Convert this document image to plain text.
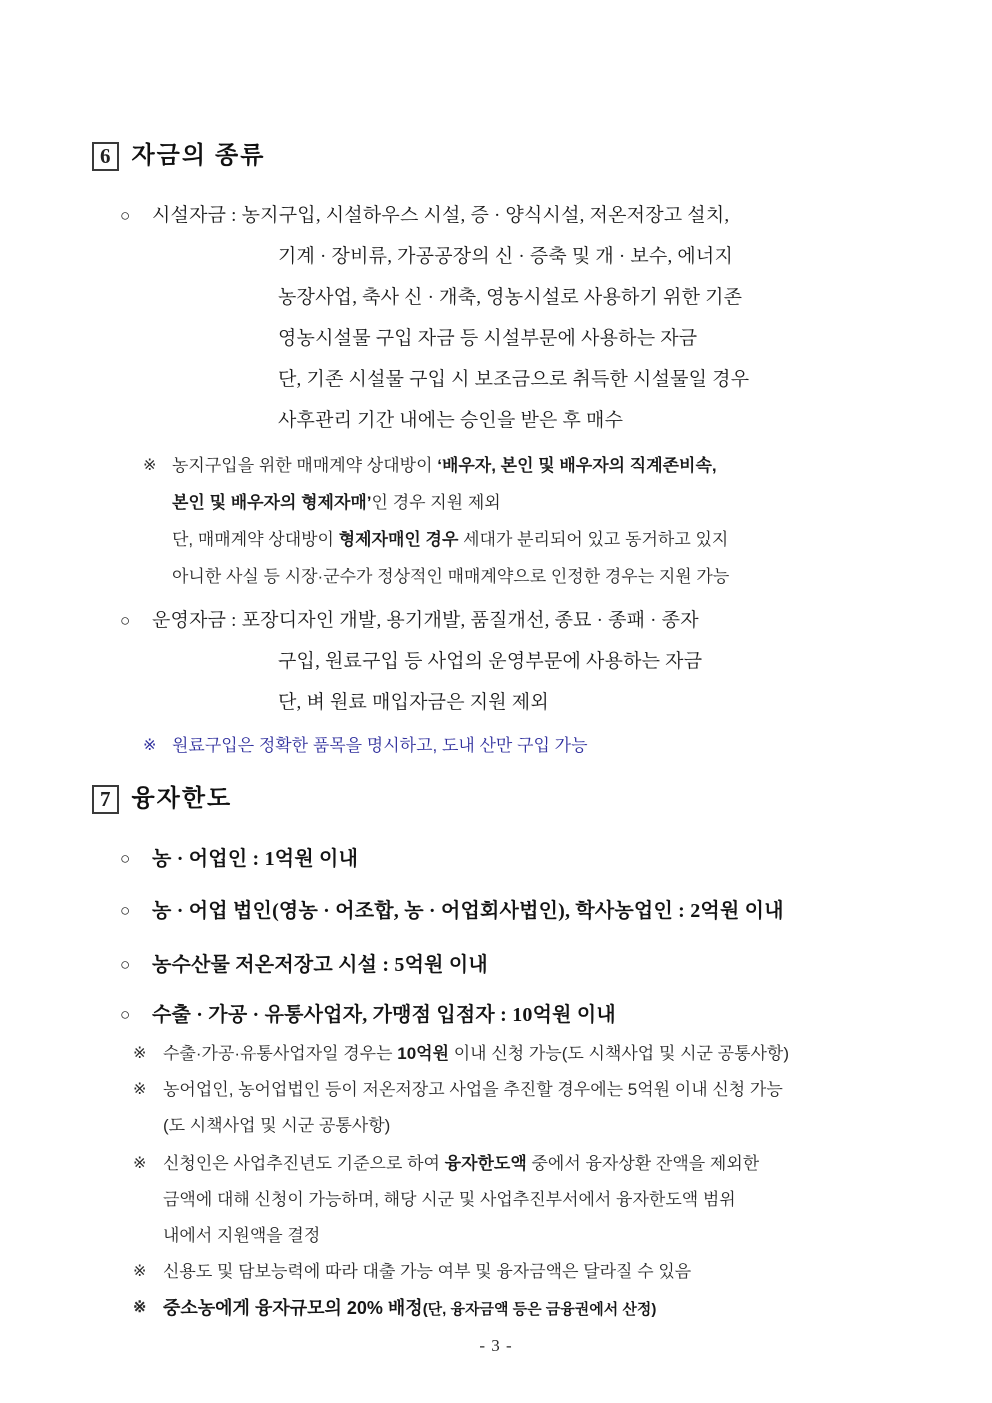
6 자금의 종류
○	시설자금 : 농지구입, 시설하우스 시설, 증 · 양식시설, 저온저장고 설치,
기계 · 장비류, 가공공장의 신 · 증축 및 개 · 보수, 에너지
농장사업, 축사 신 · 개축, 영농시설로 사용하기 위한 기존
영농시설물 구입 자금 등 시설부문에 사용하는 자금
단, 기존 시설물 구입 시 보조금으로 취득한 시설물일 경우
사후관리 기간 내에는 승인을 받은 후 매수
※ 농지구입을 위한 매매계약 상대방이 ‘배우자, 본인 및 배우자의 직계존비속,
본인 및 배우자의 형제자매’인 경우 지원 제외
단, 매매계약 상대방이 형제자매인 경우 세대가 분리되어 있고 동거하고 있지
아니한 사실 등 시장·군수가 정상적인 매매계약으로 인정한 경우는 지원 가능
○	운영자금 : 포장디자인 개발, 용기개발, 품질개선, 종묘 · 종패 · 종자
구입, 원료구입 등 사업의 운영부문에 사용하는 자금
단, 벼 원료 매입자금은 지원 제외
※ 원료구입은 정확한 품목을 명시하고, 도내 산만 구입 가능
7 융자한도
○	농 · 어업인 : 1억원 이내
○	농 · 어업 법인(영농 · 어조합, 농 · 어업회사법인), 학사농업인 : 2억원 이내
○	농수산물 저온저장고 시설 : 5억원 이내
○	수출 · 가공 · 유통사업자, 가맹점 입점자 : 10억원 이내
※ 수출·가공·유통사업자일 경우는 10억원 이내 신청 가능(도 시책사업 및 시군 공통사항)
※ 농어업인, 농어업법인 등이 저온저장고 사업을 추진할 경우에는 5억원 이내 신청 가능
(도 시책사업 및 시군 공통사항)
※ 신청인은 사업추진년도 기준으로 하여 융자한도액 중에서 융자상환 잔액을 제외한
금액에 대해 신청이 가능하며, 해당 시군 및 사업추진부서에서 융자한도액 범위
내에서 지원액을 결정
※ 신용도 및 담보능력에 따라 대출 가능 여부 및 융자금액은 달라질 수 있음
※ 중소농에게 융자규모의 20% 배정(단, 융자금액 등은 금융권에서 산정)
- 3 -
